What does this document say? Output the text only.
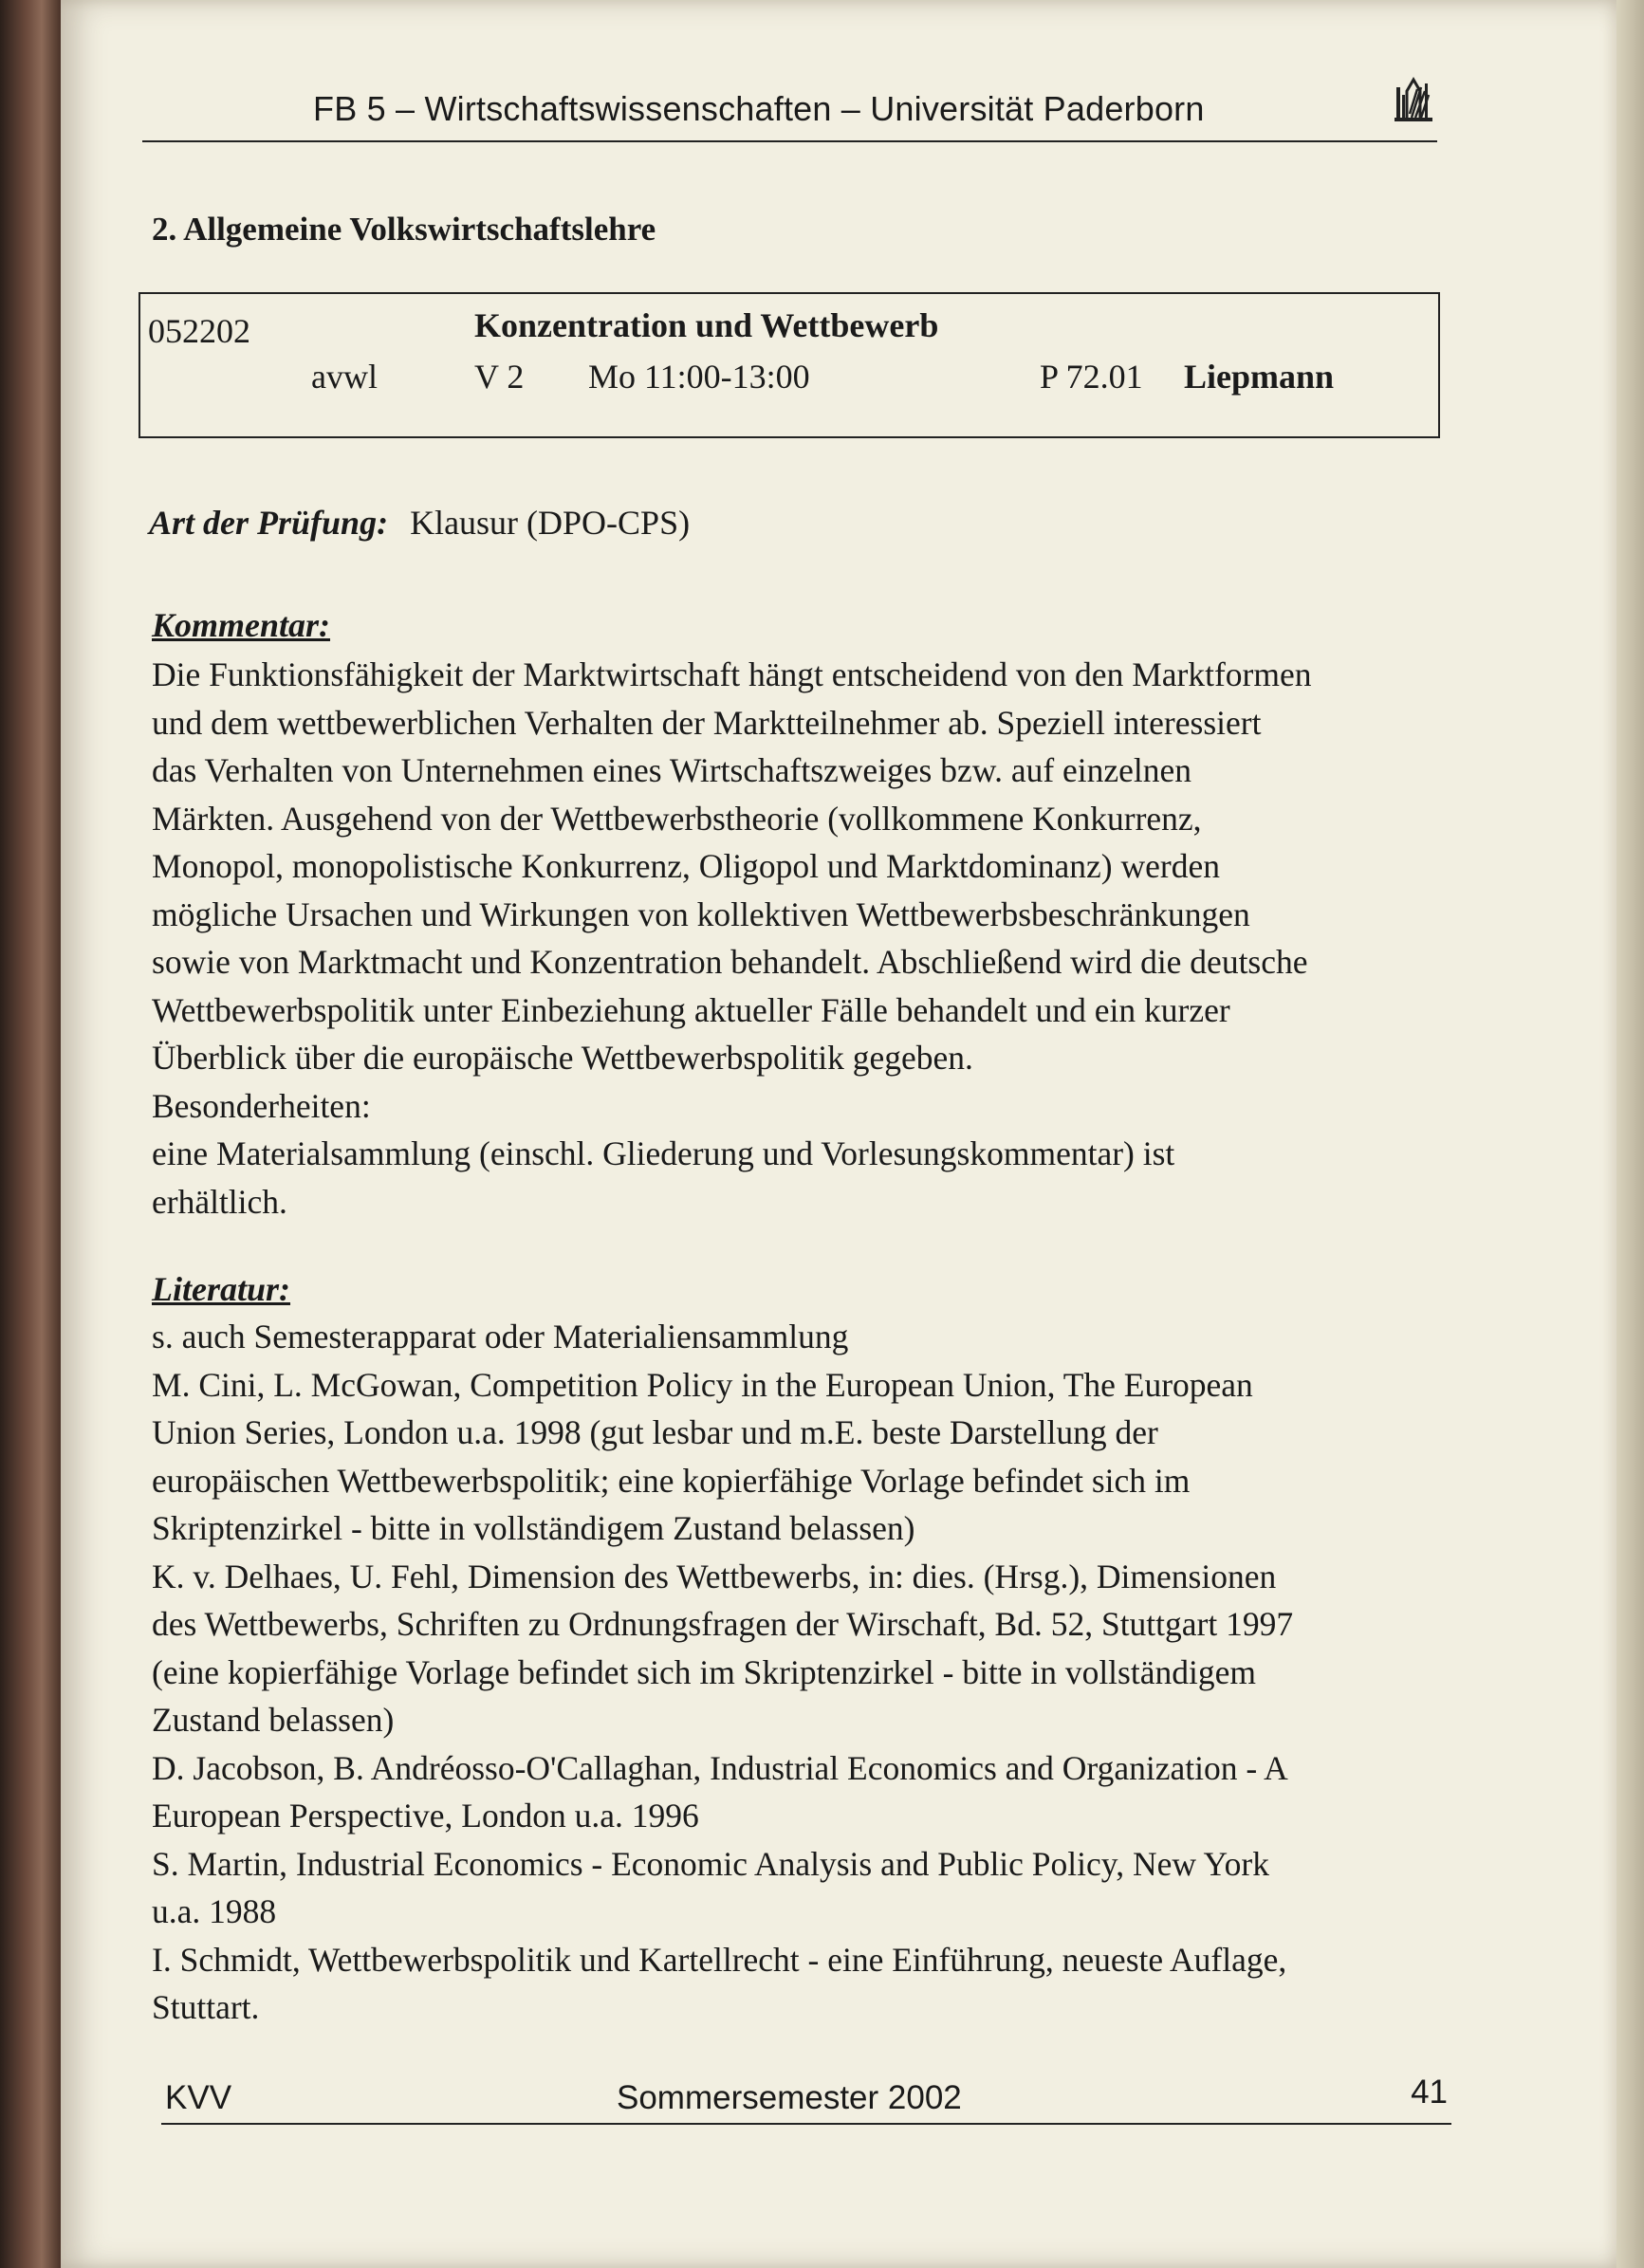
FB 5 – Wirtschaftswissenschaften – Universität Paderborn
2. Allgemeine Volkswirtschaftslehre
052202	Konzentration und Wettbewerb
avwl	V 2 Mo 11:00-13:00	P 72.01 Liepmann
Art der Prüfung: Klausur (DPO-CPS)
Kommentar:
Die Funktionsfähigkeit der Marktwirtschaft hängt entscheidend von den Marktformen
und dem wettbewerblichen Verhalten der Marktteilnehmer ab. Speziell interessiert
das Verhalten von Unternehmen eines Wirtschaftszweiges bzw. auf einzelnen
Märkten. Ausgehend von der Wettbewerbstheorie (vollkommene Konkurrenz,
Monopol, monopolistische Konkurrenz, Oligopol und Marktdominanz) werden
mögliche Ursachen und Wirkungen von kollektiven Wettbewerbsbeschränkungen
sowie von Marktmacht und Konzentration behandelt. Abschließend wird die deutsche
Wettbewerbspolitik unter Einbeziehung aktueller Fälle behandelt und ein kurzer
Überblick über die europäische Wettbewerbspolitik gegeben.
Besonderheiten:
eine Materialsammlung (einschl. Gliederung und Vorlesungskommentar) ist
erhältlich.
Literatur:
s. auch Semesterapparat oder Materialiensammlung
M. Cini, L. McGowan, Competition Policy in the European Union, The European
Union Series, London u.a. 1998 (gut lesbar und m.E. beste Darstellung der
europäischen Wettbewerbspolitik; eine kopierfähige Vorlage befindet sich im
Skriptenzirkel - bitte in vollständigem Zustand belassen)
K. v. Delhaes, U. Fehl, Dimension des Wettbewerbs, in: dies. (Hrsg.), Dimensionen
des Wettbewerbs, Schriften zu Ordnungsfragen der Wirschaft, Bd. 52, Stuttgart 1997
(eine kopierfähige Vorlage befindet sich im Skriptenzirkel - bitte in vollständigem
Zustand belassen)
D. Jacobson, B. Andréosso-O'Callaghan, Industrial Economics and Organization - A
European Perspective, London u.a. 1996
S. Martin, Industrial Economics - Economic Analysis and Public Policy, New York
u.a. 1988
I. Schmidt, Wettbewerbspolitik und Kartellrecht - eine Einführung, neueste Auflage,
Stuttart.
KVV	Sommersemester 2002	41
